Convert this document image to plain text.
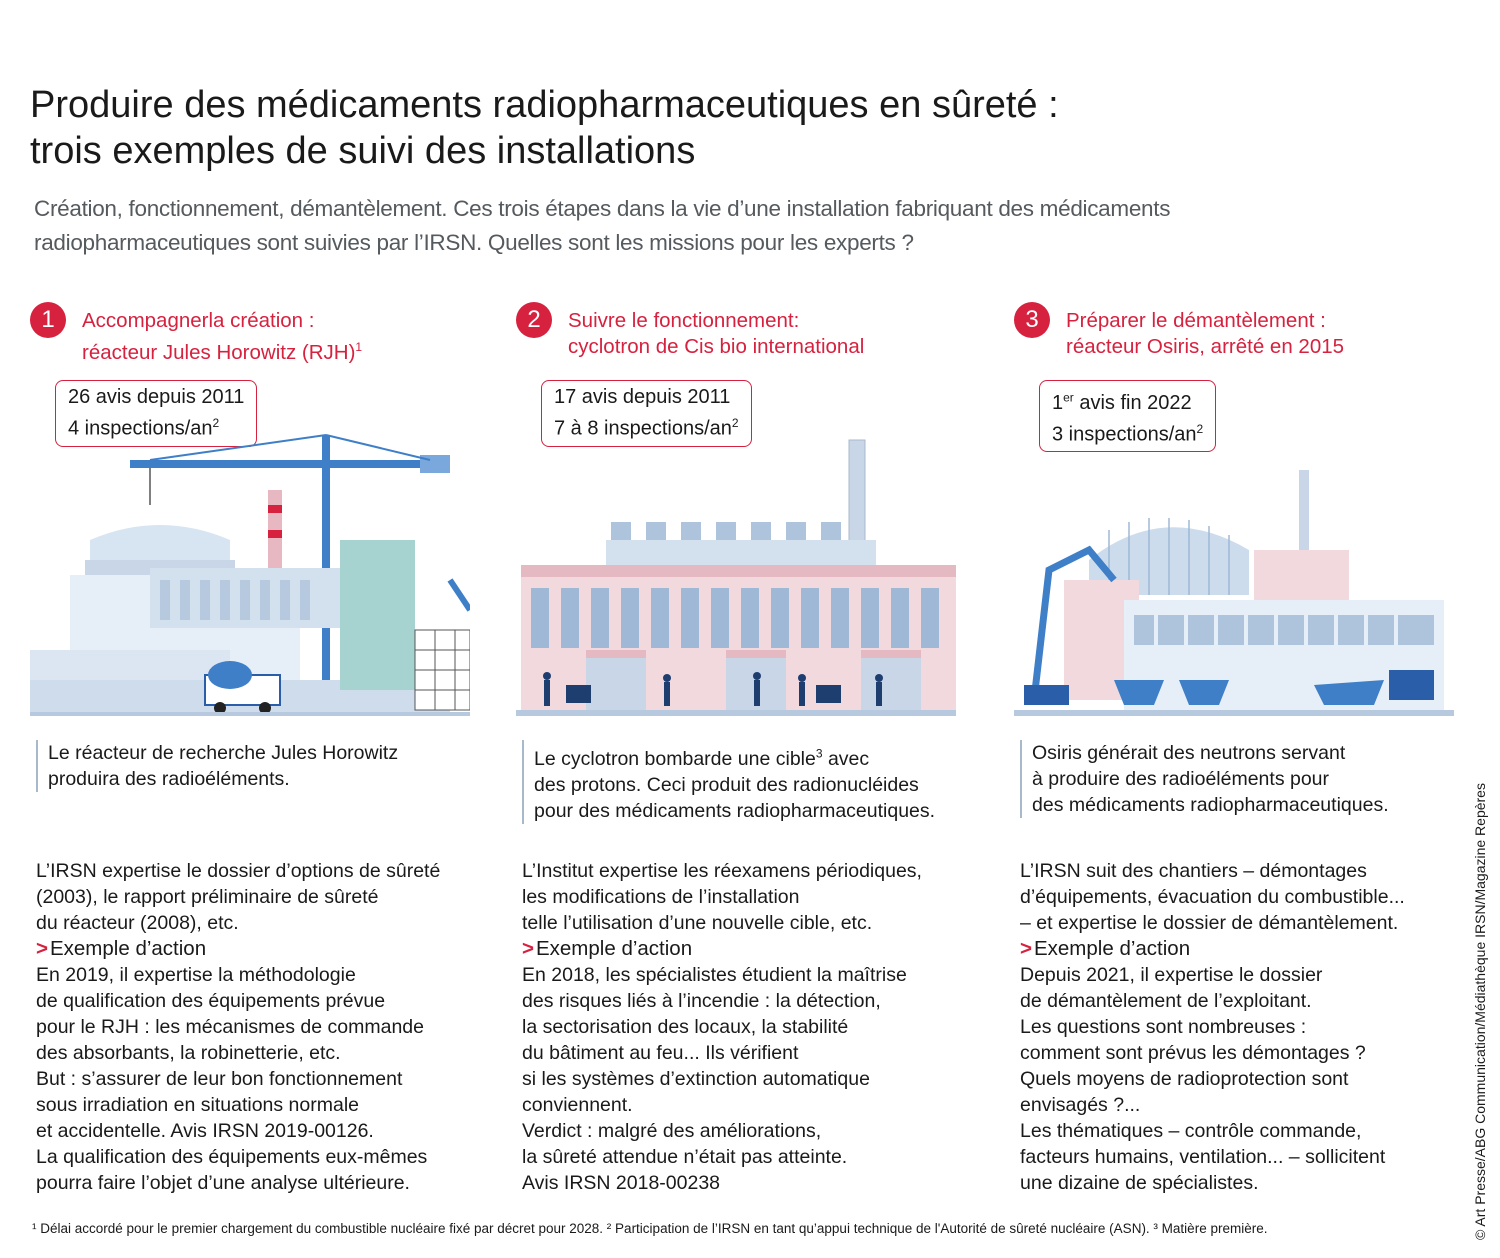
Produire des médicaments radiopharmaceutiques en sûreté :
trois exemples de suivi des installations

Création, fonctionnement, démantèlement. Ces trois étapes dans la vie d’une installation fabriquant des médicaments
radiopharmaceutiques sont suivies par l’IRSN. Quelles sont les missions pour les experts ?

1	Accompagnerla création :
réacteur Jules Horowitz (RJH)$^1$
26 avis depuis 2011
4 inspections/$an^2$
Le réacteur de recherche Jules Horowitz
produira des radioéléments.

L’IRSN expertise le dossier d’options de sûreté

(2003), le rapport préliminaire de sûreté

du réacteur (2008), etc.

>Exemple d’action

En 2019, il expertise la méthodologie

de qualification des équipements prévue

pour le RJH : les mécanismes de commande

des absorbants, la robinetterie, etc.

But : s’assurer de leur bon fonctionnement

sous irradiation en situations normale

et accidentelle. Avis IRSN 2019-00126.

La qualification des équipements eux-mêmes

pourra faire l’objet d’une analyse ultérieure.

2	Suivre le fonctionnement:
cyclotron de Cis bio international
17 avis depuis 2011
7 à 8 inspections/$an^2$
Le cyclotron bombarde une cible$^3$ avec
des protons. Ceci produit des radionucléides
pour des médicaments radiopharmaceutiques.

L’Institut expertise les réexamens périodiques,

les modifications de l’installation

telle l’utilisation d’une nouvelle cible, etc.

>Exemple d’action

En 2018, les spécialistes étudient la maîtrise

des risques liés à l’incendie : la détection,

la sectorisation des locaux, la stabilité

du bâtiment au feu... Ils vérifient

si les systèmes d’extinction automatique

conviennent.

Verdict : malgré des améliorations,

la sûreté attendue n’était pas atteinte.

Avis IRSN 2018-00238

3	Préparer le démantèlement :
réacteur Osiris, arrêté en 2015
1er avis fin 2022
3 inspections/$an^2$
Osiris générait des neutrons servant
à produire des radioéléments pour
des médicaments radiopharmaceutiques.

L’IRSN suit des chantiers – démontages

d’équipements, évacuation du combustible...

– et expertise le dossier de démantèlement.

>Exemple d’action

Depuis 2021, il expertise le dossier

de démantèlement de l’exploitant.

Les questions sont nombreuses :

comment sont prévus les démontages ?

Quels moyens de radioprotection sont

envisagés ?...

Les thématiques – contrôle commande,

facteurs humains, ventilation... – sollicitent

une dizaine de spécialistes.

¹ Délai accordé pour le premier chargement du combustible nucléaire fixé par décret pour 2028. ² Participation de l’IRSN en tant qu’appui technique de l'Autorité de sûreté nucléaire (ASN). ³ Matière première.	© Art Presse/ABG Communication/Médiathèque IRSN/Magazine Repères
